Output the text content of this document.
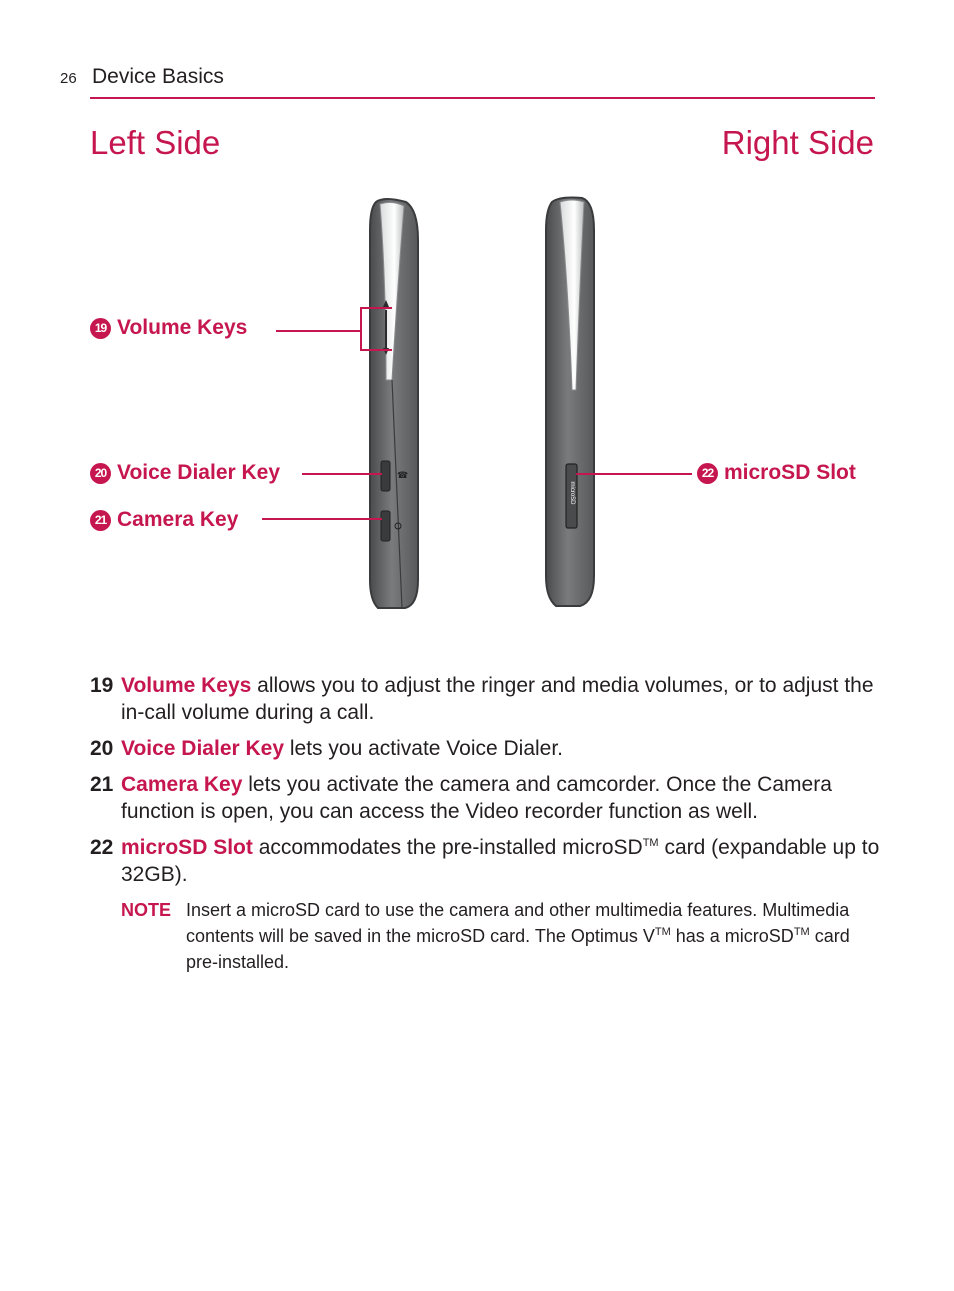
26 Device Basics
Left Side	Right Side
☎
microSD
19 Volume Keys
20 Voice Dialer Key
21 Camera Key
22 microSD Slot
19 Volume Keys allows you to adjust the ringer and media volumes, or to adjust the in-call volume during a call.
20 Voice Dialer Key lets you activate Voice Dialer.
21 Camera Key lets you activate the camera and camcorder. Once the Camera function is open, you can access the Video recorder function as well.
22 microSD Slot accommodates the pre-installed microSD™ card (expandable up to 32GB).
NOTE Insert a microSD card to use the camera and other multimedia features. Multimedia contents will be saved in the microSD card. The Optimus V™ has a microSD™ card pre-installed.
